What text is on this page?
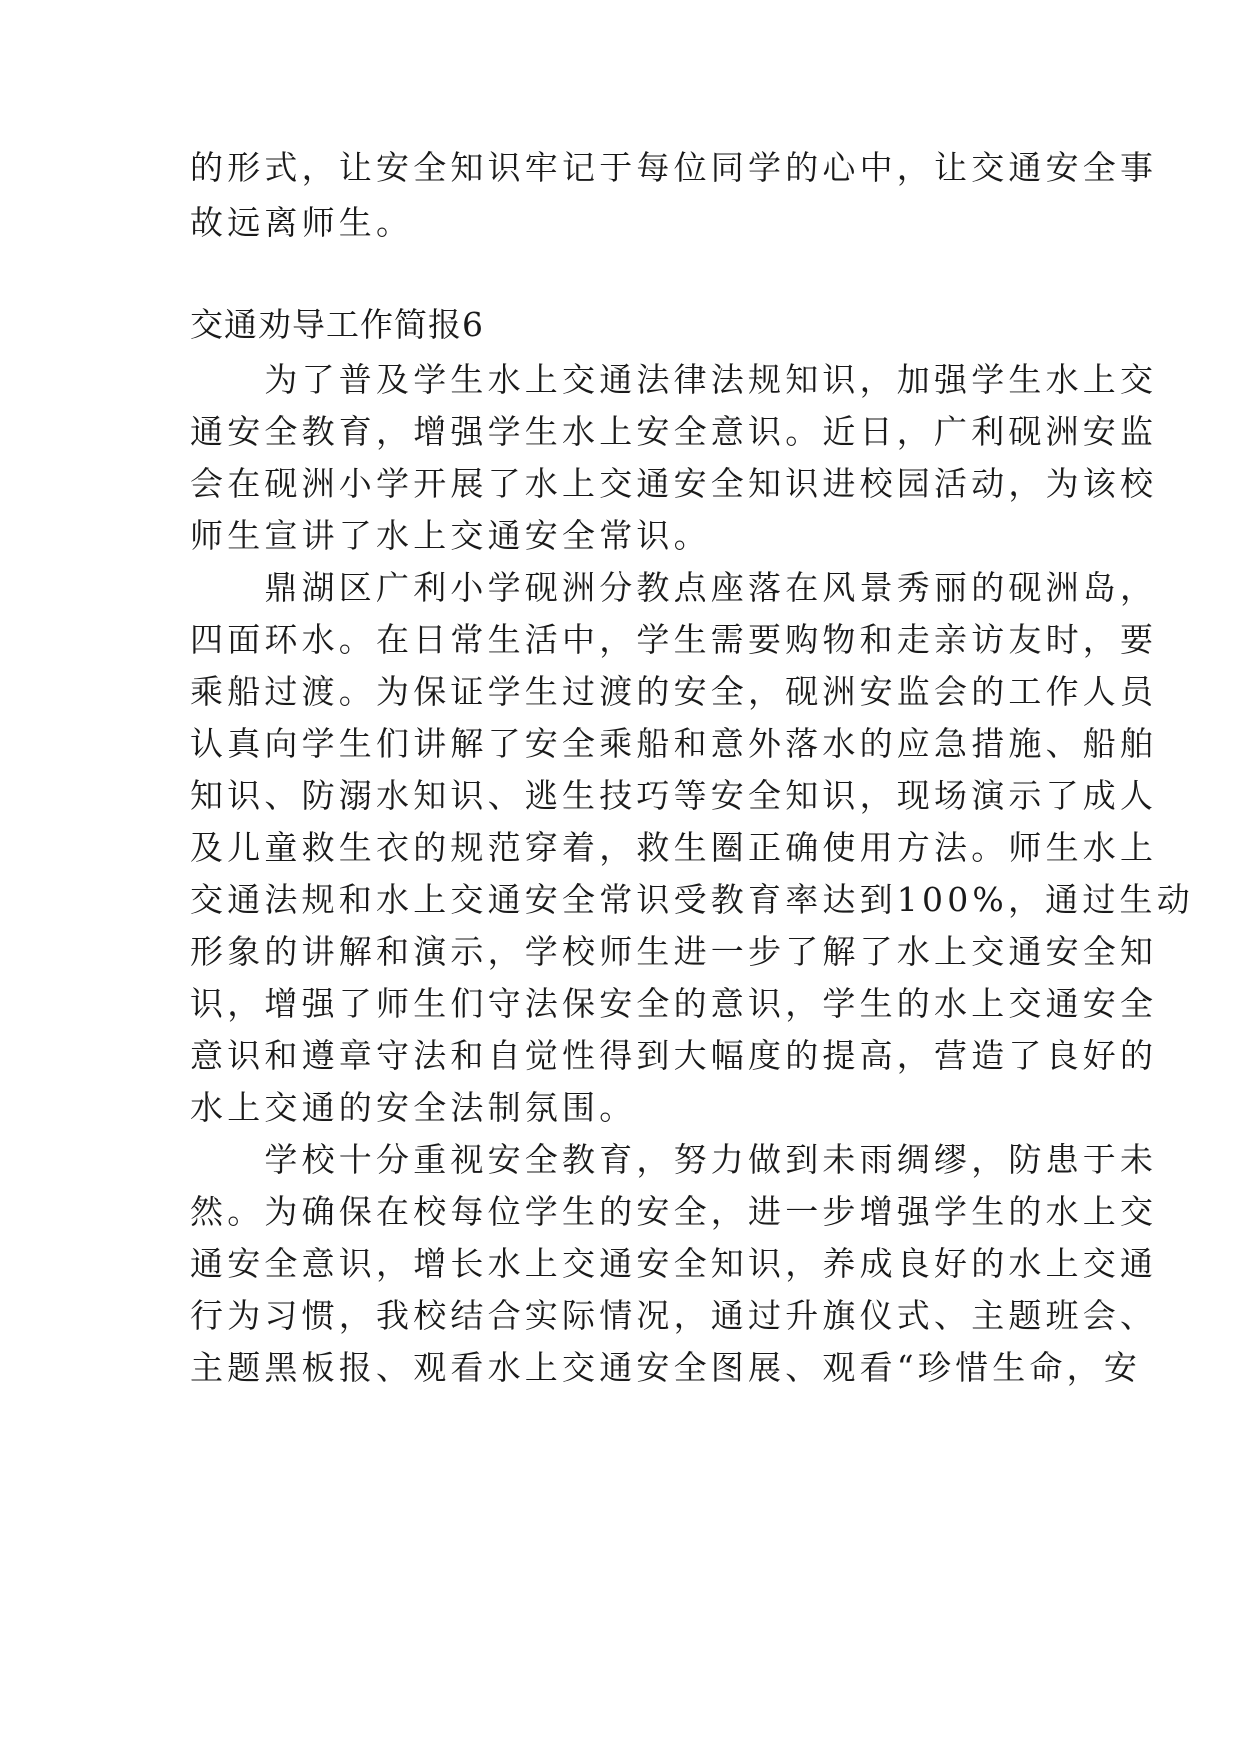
的形式，让安全知识牢记于每位同学的心中，让交通安全事
故远离师生。
交通劝导工作简报6
　　为了普及学生水上交通法律法规知识，加强学生水上交
通安全教育，增强学生水上安全意识。近日，广利砚洲安监
会在砚洲小学开展了水上交通安全知识进校园活动，为该校
师生宣讲了水上交通安全常识。
　　鼎湖区广利小学砚洲分教点座落在风景秀丽的砚洲岛，
四面环水。在日常生活中，学生需要购物和走亲访友时，要
乘船过渡。为保证学生过渡的安全，砚洲安监会的工作人员
认真向学生们讲解了安全乘船和意外落水的应急措施、船舶
知识、防溺水知识、逃生技巧等安全知识，现场演示了成人
及儿童救生衣的规范穿着，救生圈正确使用方法。师生水上
交通法规和水上交通安全常识受教育率达到100%，通过生动
形象的讲解和演示，学校师生进一步了解了水上交通安全知
识，增强了师生们守法保安全的意识，学生的水上交通安全
意识和遵章守法和自觉性得到大幅度的提高，营造了良好的
水上交通的安全法制氛围。
　　学校十分重视安全教育，努力做到未雨绸缪，防患于未
然。为确保在校每位学生的安全，进一步增强学生的水上交
通安全意识，增长水上交通安全知识，养成良好的水上交通
行为习惯，我校结合实际情况，通过升旗仪式、主题班会、
主题黑板报、观看水上交通安全图展、观看“珍惜生命，安
